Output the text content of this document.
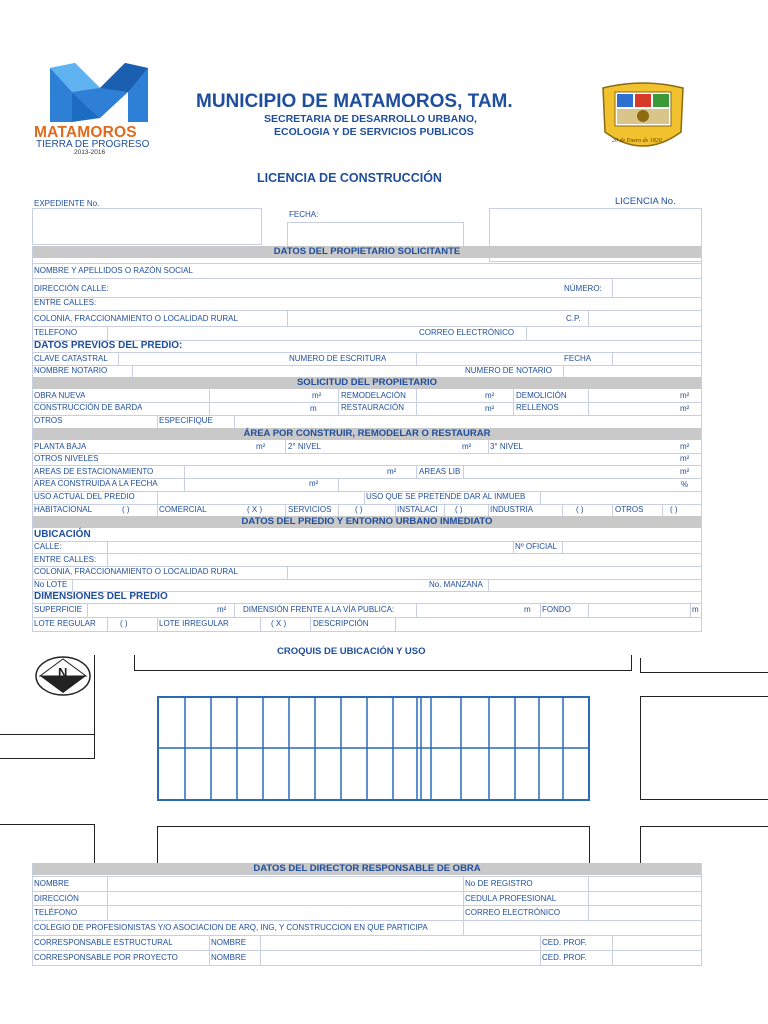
MATAMOROS
TIERRA DE PROGRESO
2013-2016
MUNICIPIO DE MATAMOROS, TAM.
SECRETARIA DE DESARROLLO URBANO,
ECOLOGIA Y DE SERVICIOS PUBLICOS
20 de Enero de 1820
LICENCIA DE CONSTRUCCIÓN
EXPEDIENTE No.	LICENCIA No.
FECHA:
DATOS DEL PROPIETARIO SOLICITANTE
NOMBRE Y APELLIDOS O RAZÓN SOCIAL
DIRECCIÓN CALLE:	NÚMERO:
ENTRE CALLES:
COLONIA, FRACCIONAMIENTO O LOCALIDAD RURAL	C.P.
TELEFONO	CORREO ELECTRÓNICO
DATOS PREVIOS DEL PREDIO:
CLAVE CATASTRAL	NUMERO DE ESCRITURA	FECHA
NOMBRE NOTARIO	NUMERO DE NOTARIO
SOLICITUD DEL PROPIETARIO
OBRA NUEVA	m² REMODELACIÓN	m²	DEMOLICIÓN	m²
CONSTRUCCIÓN DE BARDA	m	RESTAURACIÓN	m²	RELLENOS	m²
OTROS	ESPECIFIQUE
ÁREA POR CONSTRUIR, REMODELAR O RESTAURAR
PLANTA BAJA	m²	2° NIVEL	m² 3° NIVEL	m²
OTROS NIVELES	m²
AREAS DE ESTACIONAMIENTO	m²	AREAS LIB	m²
AREA CONSTRUIDA A LA FECHA	m²	%
USO ACTUAL DEL PREDIO	USO QUE SE PRETENDE DAR AL INMUEB
HABITACIONAL	( )	COMERCIAL	( X )	SERVICIOS	( )	INSTALACI	( )	INDUSTRIA	( )	OTROS	( )
DATOS DEL PREDIO Y ENTORNO URBANO INMEDIATO
UBICACIÓN
CALLE:	Nº OFICIAL
ENTRE CALLES:
COLONIA, FRACCIONAMIENTO O LOCALIDAD RURAL
No LOTE	No. MANZANA
DIMENSIONES DEL PREDIO
SUPERFICIE	m² DIMENSIÓN FRENTE A LA VÍA PUBLICA:	m FONDO	m
LOTE REGULAR	( )	LOTE IRREGULAR	( X )	DESCRIPCIÓN
CROQUIS DE UBICACIÓN Y USO
N
DATOS DEL DIRECTOR RESPONSABLE DE OBRA
NOMBRE	No DE REGISTRO
DIRECCIÓN	CEDULA PROFESIONAL
TELÉFONO	CORREO ELECTRÓNICO
COLEGIO DE PROFESIONISTAS Y/O ASOCIACION DE ARQ, ING, Y CONSTRUCCION EN QUE PARTICIPA
CORRESPONSABLE ESTRUCTURAL	NOMBRE	CED. PROF.
CORRESPONSABLE POR PROYECTO	NOMBRE	CED. PROF.
